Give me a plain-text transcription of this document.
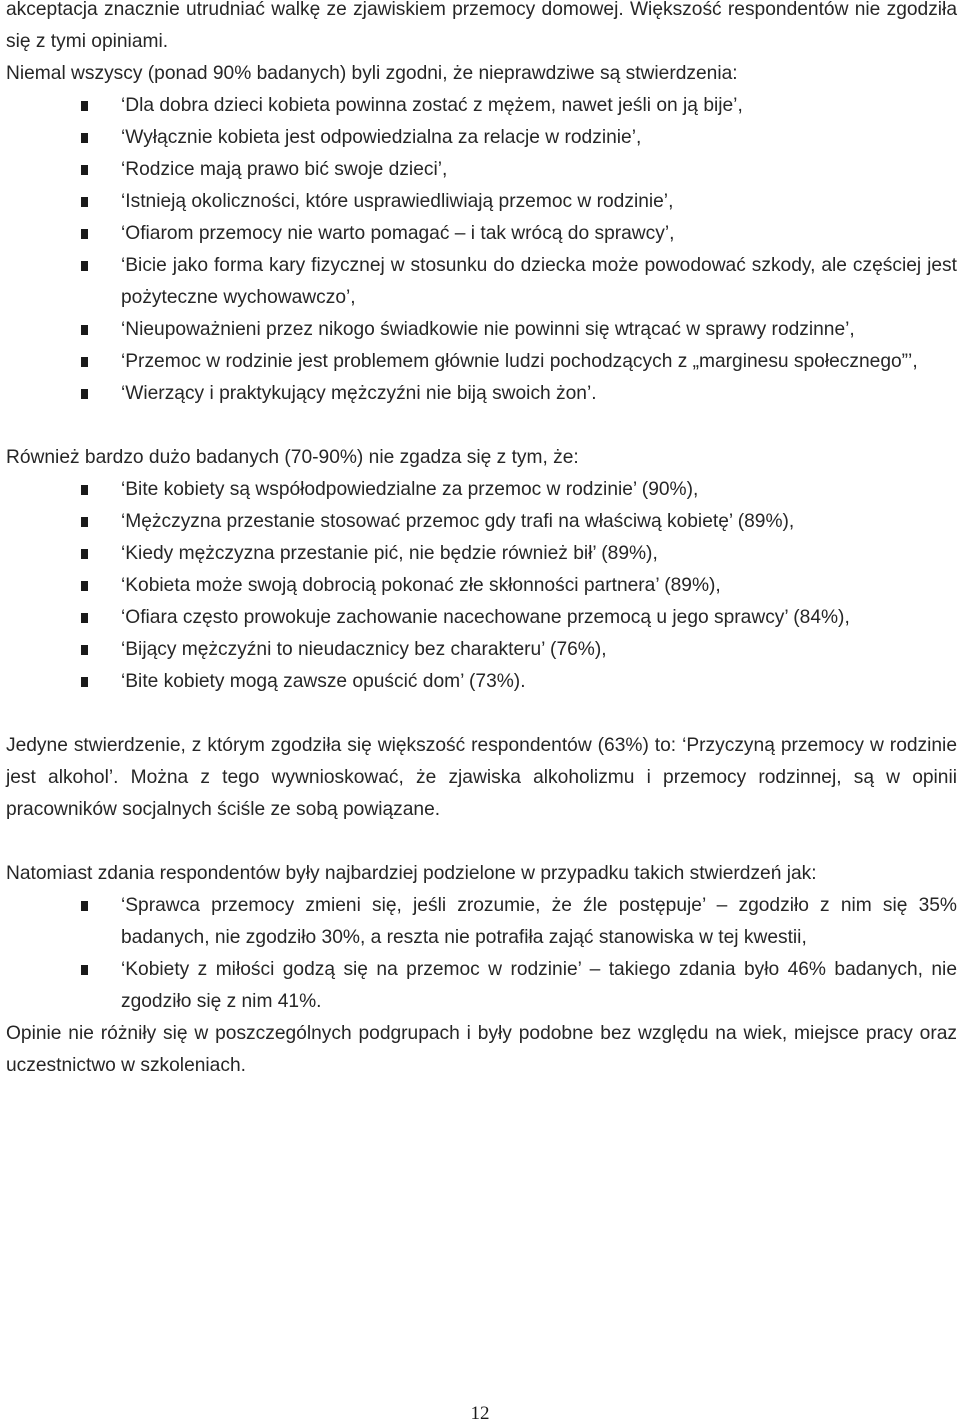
akceptacja znacznie utrudniać walkę ze zjawiskiem przemocy domowej. Większość respondentów nie zgodziła się z tymi opiniami.

Niemal wszyscy (ponad 90% badanych) byli zgodni, że nieprawdziwe są stwierdzenia:

‘Dla dobra dzieci kobieta powinna zostać z mężem, nawet jeśli on ją bije’,
‘Wyłącznie kobieta jest odpowiedzialna za relacje w rodzinie’,
‘Rodzice mają prawo bić swoje dzieci’,
‘Istnieją okoliczności, które usprawiedliwiają przemoc w rodzinie’,
‘Ofiarom przemocy nie warto pomagać – i tak wrócą do sprawcy’,
‘Bicie jako forma kary fizycznej w stosunku do dziecka może powodować szkody, ale częściej jest pożyteczne wychowawczo’,
‘Nieupoważnieni przez nikogo świadkowie nie powinni się wtrącać w sprawy rodzinne’,
‘Przemoc w rodzinie jest problemem głównie ludzi pochodzących z „marginesu społecznego”’,
‘Wierzący i praktykujący mężczyźni nie biją swoich żon’.

Również bardzo dużo badanych (70-90%) nie zgadza się z tym, że:

‘Bite kobiety są współodpowiedzialne za przemoc w rodzinie’ (90%),
‘Mężczyzna przestanie stosować przemoc gdy trafi na właściwą kobietę’ (89%),
‘Kiedy mężczyzna przestanie pić, nie będzie również bił’ (89%),
‘Kobieta może swoją dobrocią pokonać złe skłonności partnera’ (89%),
‘Ofiara często prowokuje zachowanie nacechowane przemocą u jego sprawcy’ (84%),
‘Bijący mężczyźni to nieudacznicy bez charakteru’ (76%),
‘Bite kobiety mogą zawsze opuścić dom’ (73%).

Jedyne stwierdzenie, z którym zgodziła się większość respondentów (63%) to: ‘Przyczyną przemocy w rodzinie jest alkohol’. Można z tego wywnioskować, że zjawiska alkoholizmu i przemocy rodzinnej, są w opinii pracowników socjalnych ściśle ze sobą powiązane.

Natomiast zdania respondentów były najbardziej podzielone w przypadku takich stwierdzeń jak:

‘Sprawca przemocy zmieni się, jeśli zrozumie, że źle postępuje’ – zgodziło z nim się 35% badanych, nie zgodziło 30%, a reszta nie potrafiła zająć stanowiska w tej kwestii,
‘Kobiety z miłości godzą się na przemoc w rodzinie’ – takiego zdania było 46% badanych, nie zgodziło się z nim 41%.

Opinie nie różniły się w poszczególnych podgrupach i były podobne bez względu na wiek, miejsce pracy oraz uczestnictwo w szkoleniach.

12
